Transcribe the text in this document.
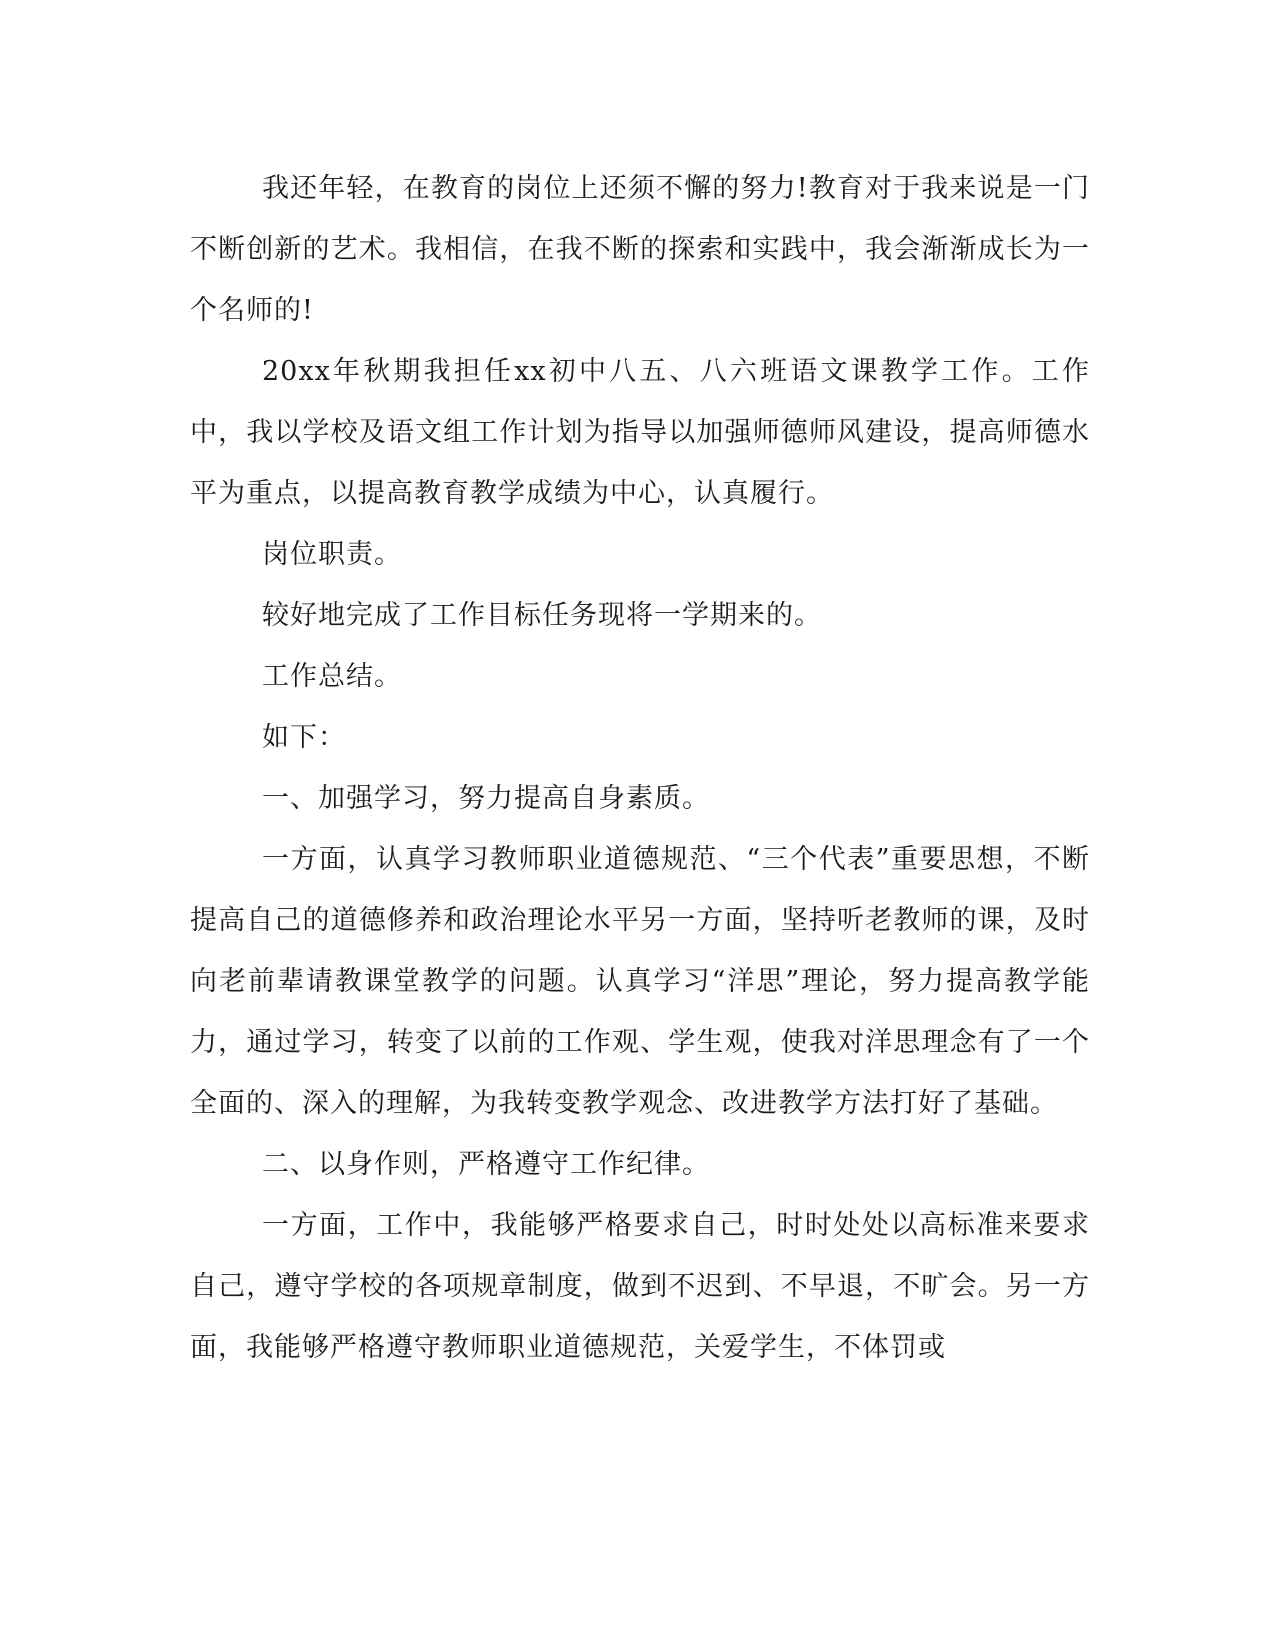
我还年轻，在教育的岗位上还须不懈的努力!教育对于我来说是一门不断创新的艺术。我相信，在我不断的探索和实践中，我会渐渐成长为一个名师的!

20xx年秋期我担任xx初中八五、八六班语文课教学工作。工作中，我以学校及语文组工作计划为指导以加强师德师风建设，提高师德水平为重点，以提高教育教学成绩为中心，认真履行。

岗位职责。

较好地完成了工作目标任务现将一学期来的。

工作总结。

如下：

一、加强学习，努力提高自身素质。

一方面，认真学习教师职业道德规范、“三个代表”重要思想，不断提高自己的道德修养和政治理论水平另一方面，坚持听老教师的课，及时向老前辈请教课堂教学的问题。认真学习“洋思”理论，努力提高教学能力，通过学习，转变了以前的工作观、学生观，使我对洋思理念有了一个全面的、深入的理解，为我转变教学观念、改进教学方法打好了基础。

二、以身作则，严格遵守工作纪律。

一方面，工作中，我能够严格要求自己，时时处处以高标准来要求自己，遵守学校的各项规章制度，做到不迟到、不早退，不旷会。另一方面，我能够严格遵守教师职业道德规范，关爱学生，不体罚或
